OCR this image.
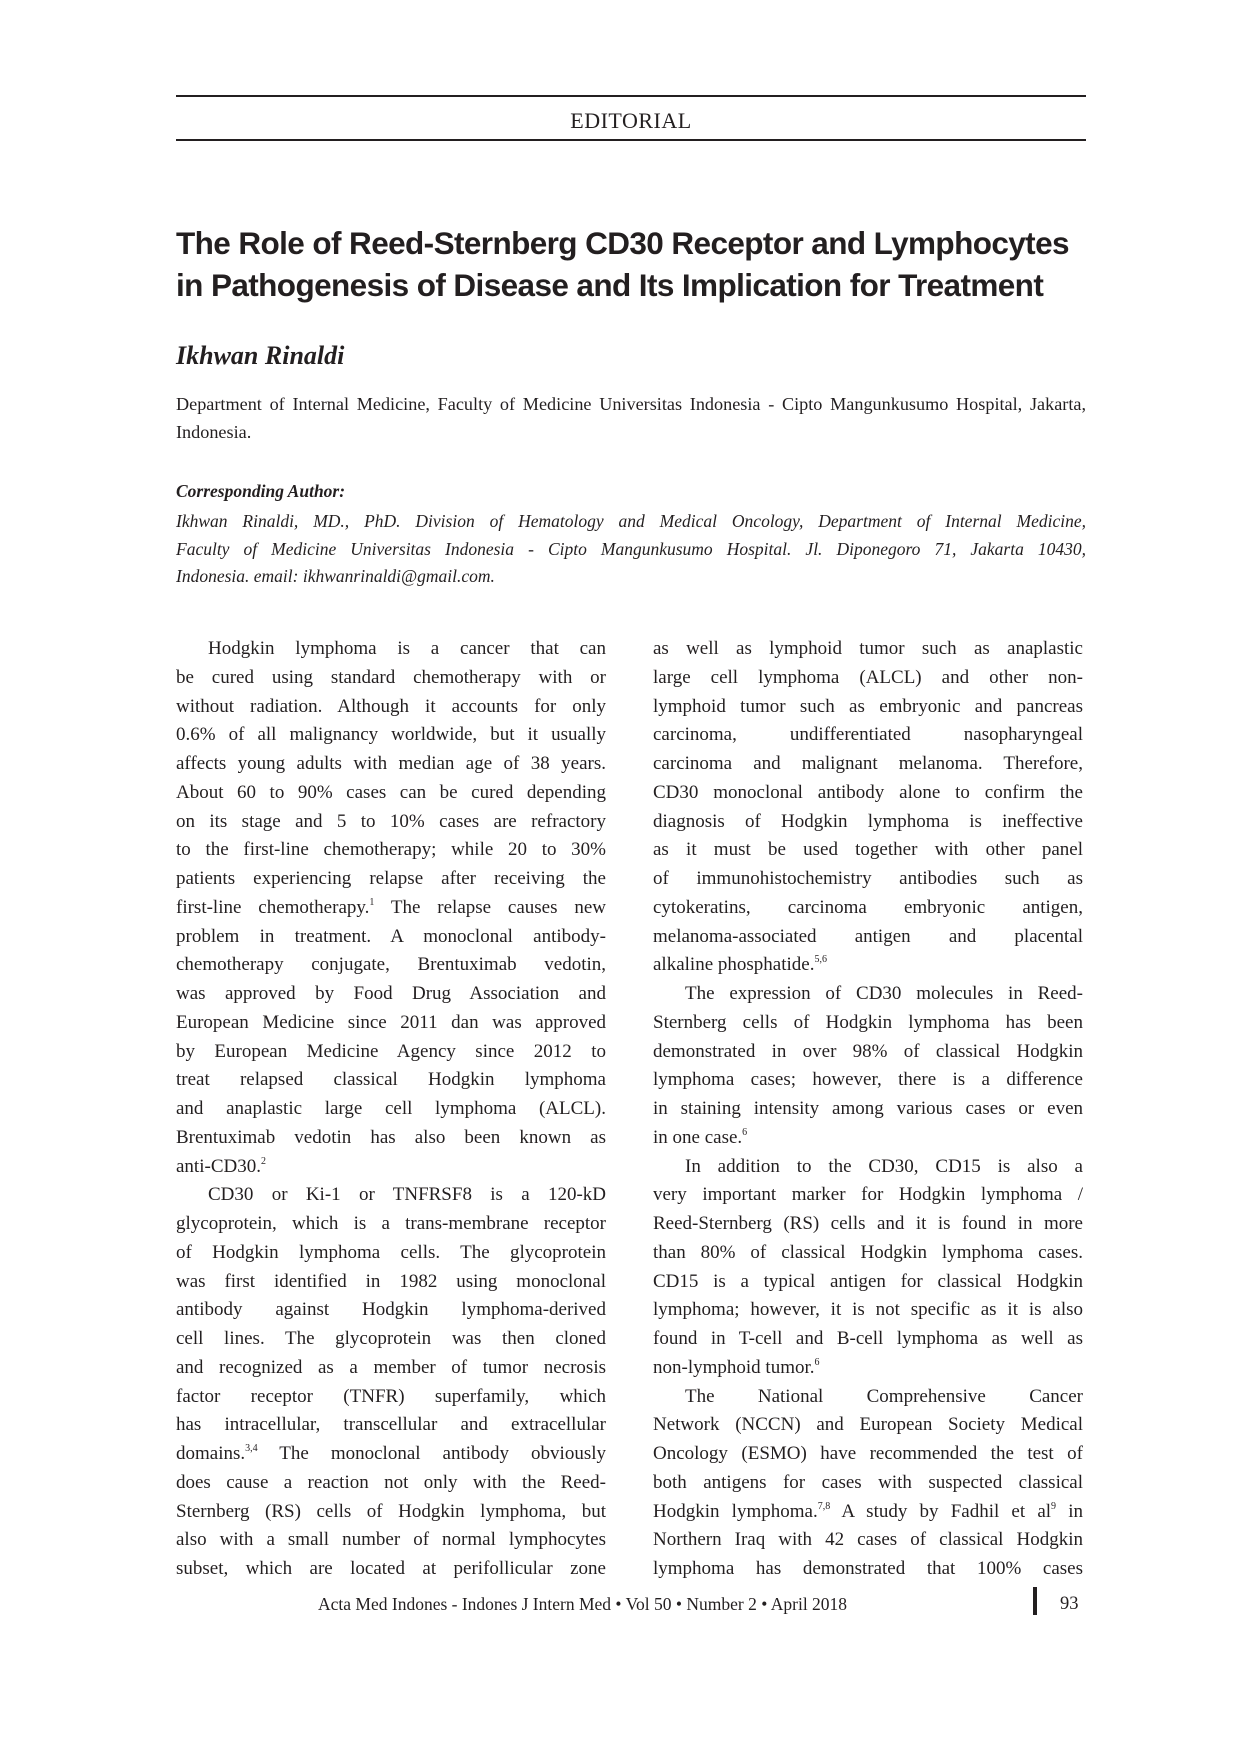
EDITORIAL
The Role of Reed-Sternberg CD30 Receptor and Lymphocytes
in Pathogenesis of Disease and Its Implication for Treatment
Ikhwan Rinaldi
Department of Internal Medicine, Faculty of Medicine Universitas Indonesia - Cipto Mangunkusumo Hospital, Jakarta, Indonesia.
Corresponding Author:
Ikhwan Rinaldi, MD., PhD. Division of Hematology and Medical Oncology, Department of Internal Medicine,
Faculty of Medicine Universitas Indonesia - Cipto Mangunkusumo Hospital. Jl. Diponegoro 71, Jakarta 10430,
Indonesia. email: ikhwanrinaldi@gmail.com.
Hodgkin lymphoma is a cancer that can
be cured using standard chemotherapy with or
without radiation. Although it accounts for only
0.6% of all malignancy worldwide, but it usually
affects young adults with median age of 38 years.
About 60 to 90% cases can be cured depending
on its stage and 5 to 10% cases are refractory
to the first-line chemotherapy; while 20 to 30%
patients experiencing relapse after receiving the
first-line chemotherapy.$^1$ The relapse causes new
problem in treatment. A monoclonal antibody-
chemotherapy conjugate, Brentuximab vedotin,
was approved by Food Drug Association and
European Medicine since 2011 dan was approved
by European Medicine Agency since 2012 to
treat relapsed classical Hodgkin lymphoma
and anaplastic large cell lymphoma (ALCL).
Brentuximab vedotin has also been known as
anti-CD30.$^2$
CD30 or Ki-1 or TNFRSF8 is a 120-kD
glycoprotein, which is a trans-membrane receptor
of Hodgkin lymphoma cells. The glycoprotein
was first identified in 1982 using monoclonal
antibody against Hodgkin lymphoma-derived
cell lines. The glycoprotein was then cloned
and recognized as a member of tumor necrosis
factor receptor (TNFR) superfamily, which
has intracellular, transcellular and extracellular
domains.$^{3,4}$ The monoclonal antibody obviously
does cause a reaction not only with the Reed-
Sternberg (RS) cells of Hodgkin lymphoma, but
also with a small number of normal lymphocytes
subset, which are located at perifollicular zone
as well as lymphoid tumor such as anaplastic
large cell lymphoma (ALCL) and other non-
lymphoid tumor such as embryonic and pancreas
carcinoma, undifferentiated nasopharyngeal
carcinoma and malignant melanoma. Therefore,
CD30 monoclonal antibody alone to confirm the
diagnosis of Hodgkin lymphoma is ineffective
as it must be used together with other panel
of immunohistochemistry antibodies such as
cytokeratins, carcinoma embryonic antigen,
melanoma-associated antigen and placental
alkaline phosphatide.$^{5,6}$
The expression of CD30 molecules in Reed-
Sternberg cells of Hodgkin lymphoma has been
demonstrated in over 98% of classical Hodgkin
lymphoma cases; however, there is a difference
in staining intensity among various cases or even
in one case.$^6$
In addition to the CD30, CD15 is also a
very important marker for Hodgkin lymphoma /
Reed-Sternberg (RS) cells and it is found in more
than 80% of classical Hodgkin lymphoma cases.
CD15 is a typical antigen for classical Hodgkin
lymphoma; however, it is not specific as it is also
found in T-cell and B-cell lymphoma as well as
non-lymphoid tumor.$^6$
The National Comprehensive Cancer
Network (NCCN) and European Society Medical
Oncology (ESMO) have recommended the test of
both antigens for cases with suspected classical
Hodgkin lymphoma.$^{7,8}$ A study by Fadhil et $al^9$ in
Northern Iraq with 42 cases of classical Hodgkin
lymphoma has demonstrated that 100% cases
Acta Med Indones - Indones J Intern Med • Vol 50 • Number 2 • April 2018	93
